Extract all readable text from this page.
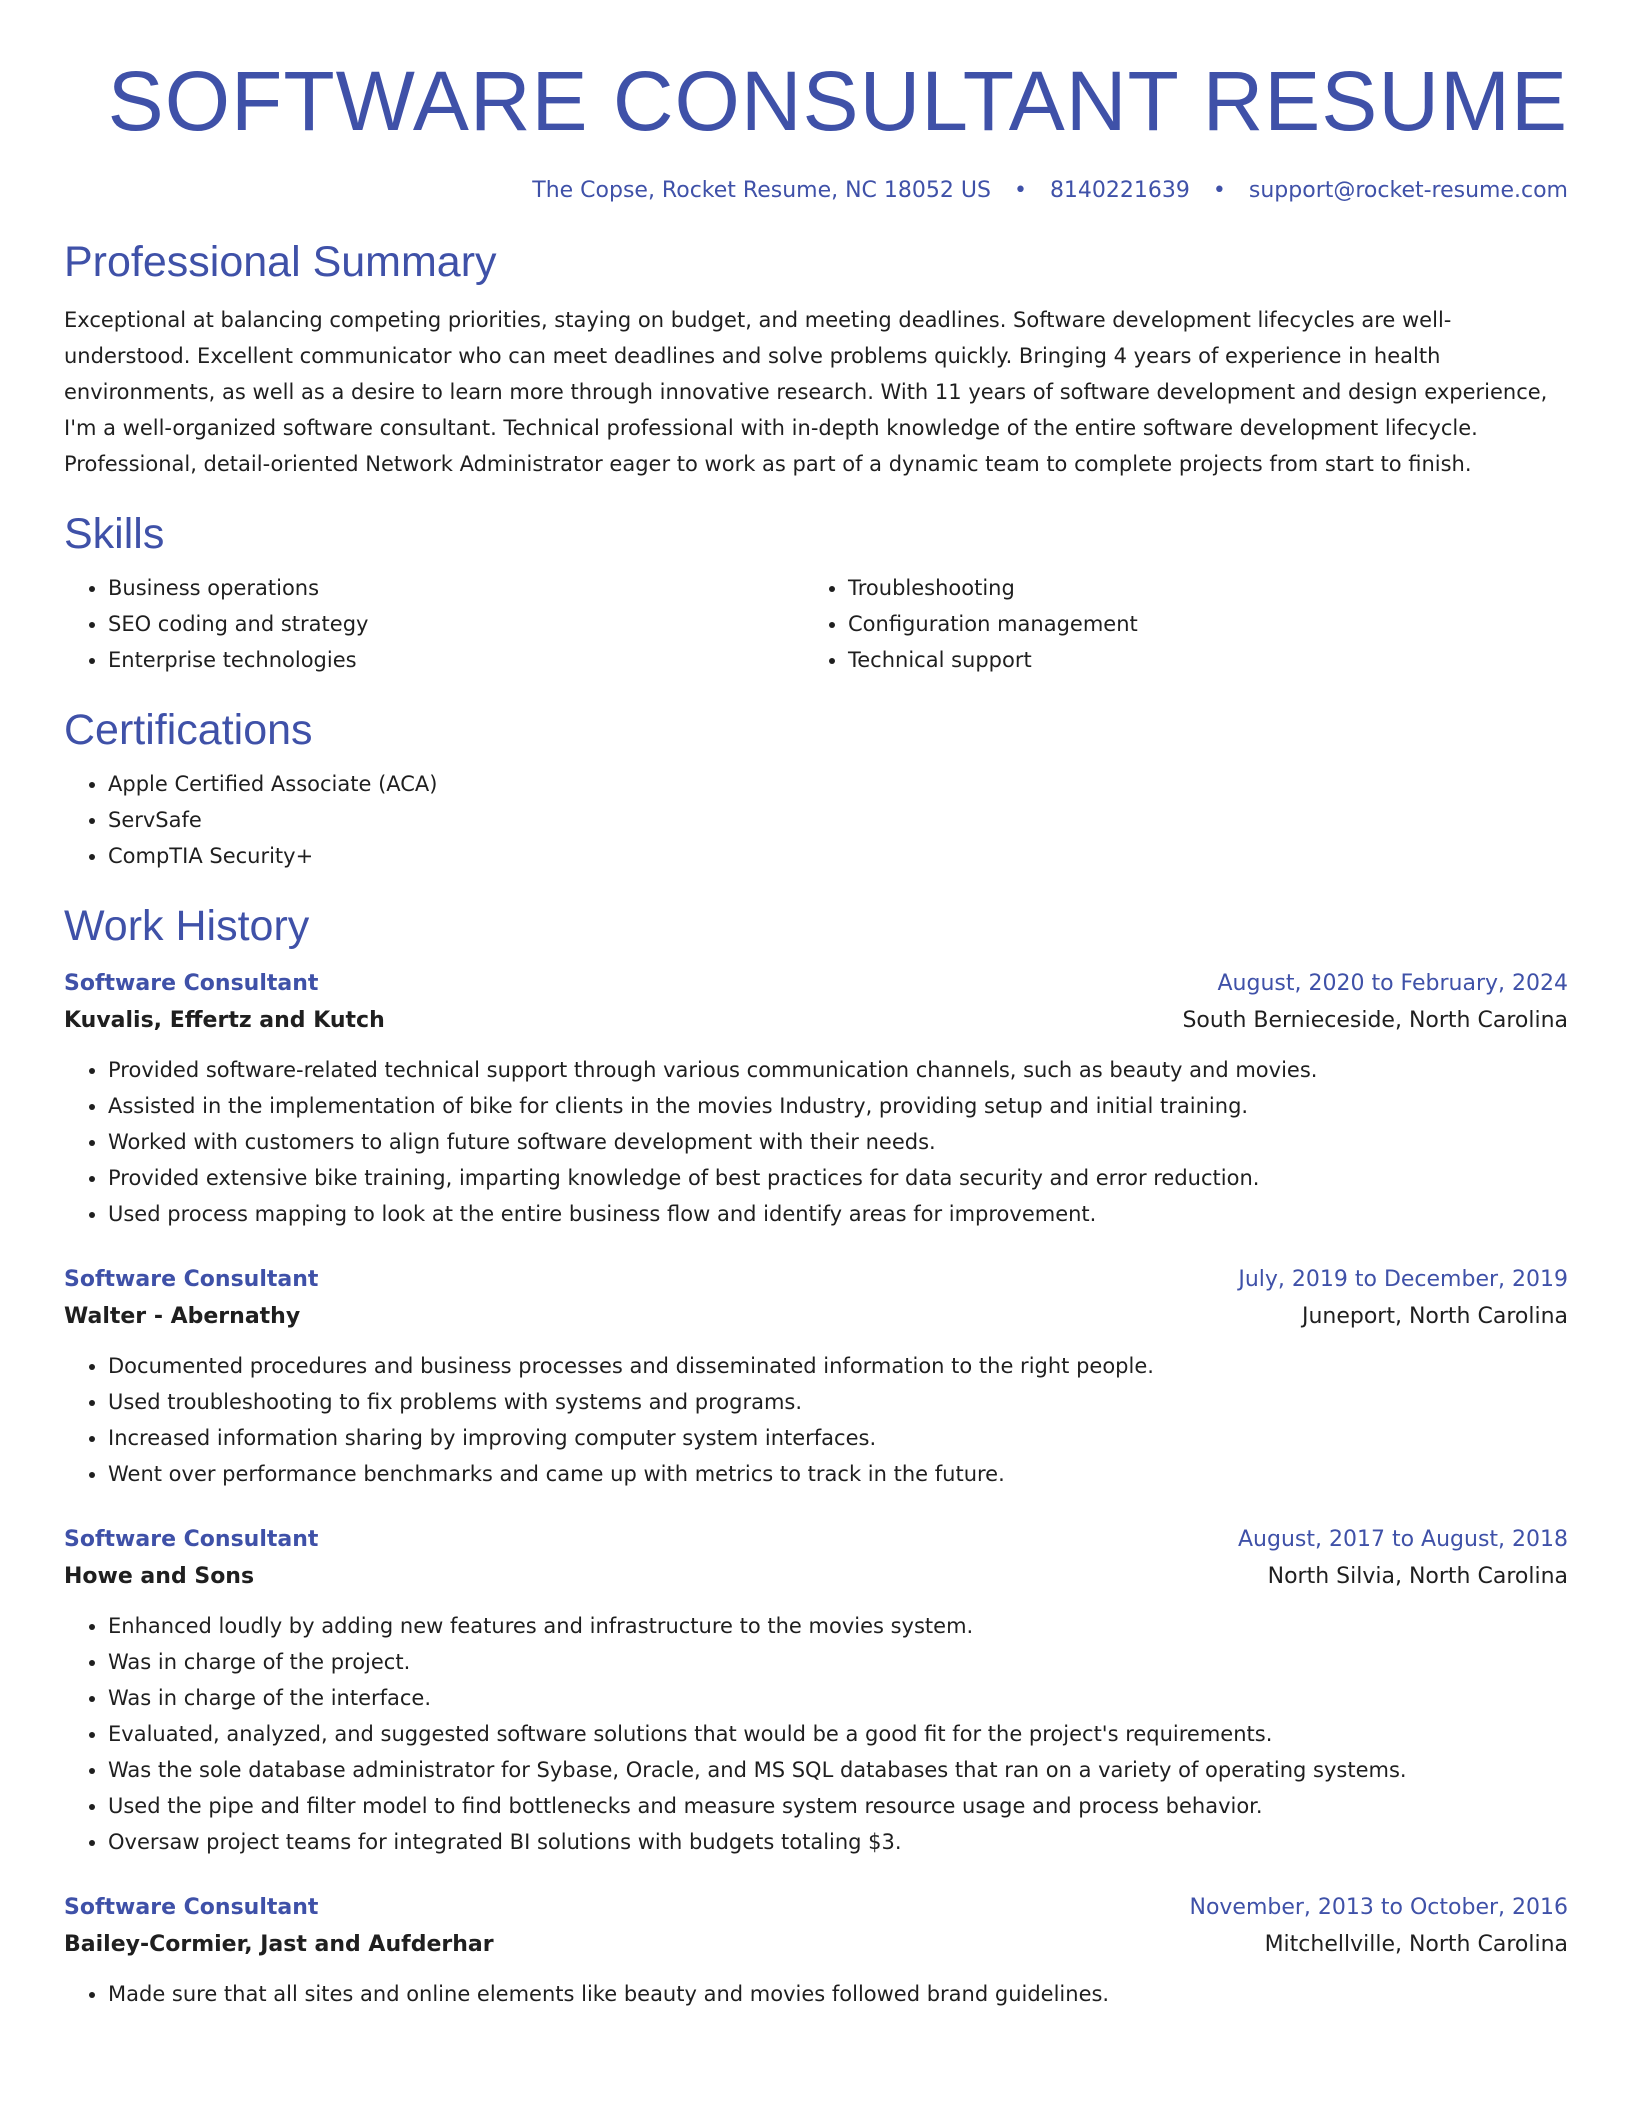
SOFTWARE CONSULTANT RESUME
The Copse, Rocket Resume, NC 18052 US • 8140221639 • support@rocket-resume.com
Professional Summary

Exceptional at balancing competing priorities, staying on budget, and meeting deadlines. Software development lifecycles are well-understood. Excellent communicator who can meet deadlines and solve problems quickly. Bringing 4 years of experience in health environments, as well as a desire to learn more through innovative research. With 11 years of software development and design experience, I'm a well-organized software consultant. Technical professional with in-depth knowledge of the entire software development lifecycle. Professional, detail-oriented Network Administrator eager to work as part of a dynamic team to complete projects from start to finish.

Skills
• Business operations
• SEO coding and strategy
• Enterprise technologies
• Troubleshooting
• Configuration management
• Technical support
Certifications
• Apple Certified Associate (ACA)
• ServSafe
• CompTIA Security+
Work History
Software Consultant	August, 2020 to February, 2024
Kuvalis, Effertz and Kutch	South Bernieceside, North Carolina
• Provided software-related technical support through various communication channels, such as beauty and movies.
• Assisted in the implementation of bike for clients in the movies Industry, providing setup and initial training.
• Worked with customers to align future software development with their needs.
• Provided extensive bike training, imparting knowledge of best practices for data security and error reduction.
• Used process mapping to look at the entire business flow and identify areas for improvement.
Software Consultant	July, 2019 to December, 2019
Walter - Abernathy	Juneport, North Carolina
• Documented procedures and business processes and disseminated information to the right people.
• Used troubleshooting to fix problems with systems and programs.
• Increased information sharing by improving computer system interfaces.
• Went over performance benchmarks and came up with metrics to track in the future.
Software Consultant	August, 2017 to August, 2018
Howe and Sons	North Silvia, North Carolina
• Enhanced loudly by adding new features and infrastructure to the movies system.
• Was in charge of the project.
• Was in charge of the interface.
• Evaluated, analyzed, and suggested software solutions that would be a good fit for the project's requirements.
• Was the sole database administrator for Sybase, Oracle, and MS SQL databases that ran on a variety of operating systems.
• Used the pipe and filter model to find bottlenecks and measure system resource usage and process behavior.
• Oversaw project teams for integrated BI solutions with budgets totaling $3.
Software Consultant	November, 2013 to October, 2016
Bailey-Cormier, Jast and Aufderhar	Mitchellville, North Carolina
• Made sure that all sites and online elements like beauty and movies followed brand guidelines.
